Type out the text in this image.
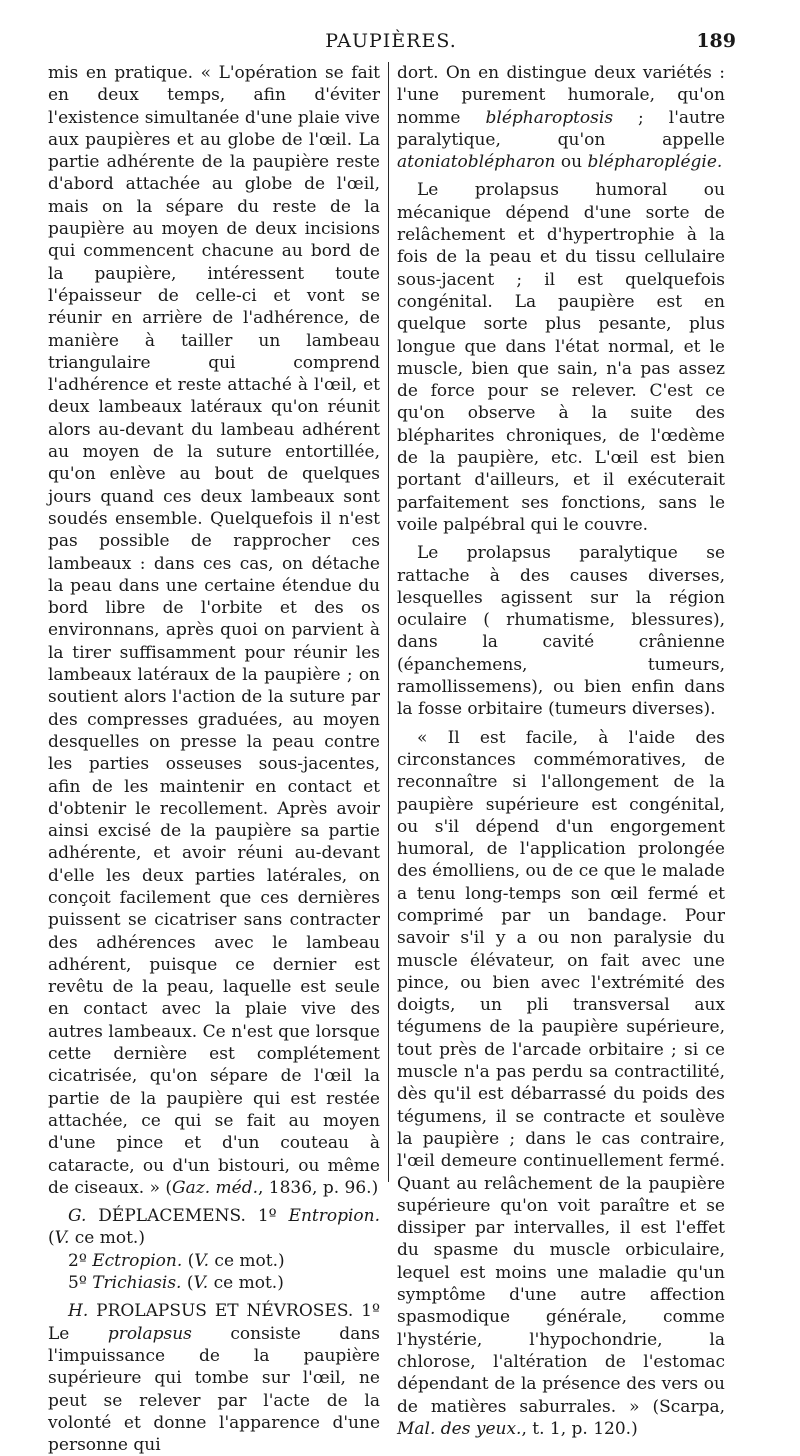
PAUPIÈRES.	189

mis en pratique. « L'opération se fait en deux temps, afin d'éviter l'existence simultanée d'une plaie vive aux paupières et au globe de l'œil. La partie adhérente de la paupière reste d'abord attachée au globe de l'œil, mais on la sépare du reste de la paupière au moyen de deux incisions qui commencent chacune au bord de la paupière, intéressent toute l'épaisseur de celle-ci et vont se réunir en arrière de l'adhérence, de manière à tailler un lambeau triangulaire qui comprend l'adhérence et reste attaché à l'œil, et deux lambeaux latéraux qu'on réunit alors au-devant du lambeau adhérent au moyen de la suture entortillée, qu'on enlève au bout de quelques jours quand ces deux lambeaux sont soudés ensemble. Quelquefois il n'est pas possible de rapprocher ces lambeaux : dans ces cas, on détache la peau dans une certaine étendue du bord libre de l'orbite et des os environnans, après quoi on parvient à la tirer suffisamment pour réunir les lambeaux latéraux de la paupière ; on soutient alors l'action de la suture par des compresses graduées, au moyen desquelles on presse la peau contre les parties osseuses sous-jacentes, afin de les maintenir en contact et d'obtenir le recollement. Après avoir ainsi excisé de la paupière sa partie adhérente, et avoir réuni au-devant d'elle les deux parties latérales, on conçoit facilement que ces dernières puissent se cicatriser sans contracter des adhérences avec le lambeau adhérent, puisque ce dernier est revêtu de la peau, laquelle est seule en contact avec la plaie vive des autres lambeaux. Ce n'est que lorsque cette dernière est complétement cicatrisée, qu'on sépare de l'œil la partie de la paupière qui est restée attachée, ce qui se fait au moyen d'une pince et d'un couteau à cataracte, ou d'un bistouri, ou même de ciseaux. » (Gaz. méd., 1836, p. 96.)

G. DÉPLACEMENS. 1º Entropion. (V. ce mot.)

2º Ectropion. (V. ce mot.)

5º Trichiasis. (V. ce mot.)

H. PROLAPSUS ET NÉVROSES. 1º Le prolapsus consiste dans l'impuissance de la paupière supérieure qui tombe sur l'œil, ne peut se relever par l'acte de la volonté et donne l'apparence d'une personne qui

dort. On en distingue deux variétés : l'une purement humorale, qu'on nomme blépharoptosis ; l'autre paralytique, qu'on appelle atoniatoblépharon ou blépharoplégie.

Le prolapsus humoral ou mécanique dépend d'une sorte de relâchement et d'hypertrophie à la fois de la peau et du tissu cellulaire sous-jacent ; il est quelquefois congénital. La paupière est en quelque sorte plus pesante, plus longue que dans l'état normal, et le muscle, bien que sain, n'a pas assez de force pour se relever. C'est ce qu'on observe à la suite des blépharites chroniques, de l'œdème de la paupière, etc. L'œil est bien portant d'ailleurs, et il exécuterait parfaitement ses fonctions, sans le voile palpébral qui le couvre.

Le prolapsus paralytique se rattache à des causes diverses, lesquelles agissent sur la région oculaire ( rhumatisme, blessures), dans la cavité crânienne (épanchemens, tumeurs, ramollissemens), ou bien enfin dans la fosse orbitaire (tumeurs diverses).

« Il est facile, à l'aide des circonstances commémoratives, de reconnaître si l'allongement de la paupière supérieure est congénital, ou s'il dépend d'un engorgement humoral, de l'application prolongée des émolliens, ou de ce que le malade a tenu long-temps son œil fermé et comprimé par un bandage. Pour savoir s'il y a ou non paralysie du muscle élévateur, on fait avec une pince, ou bien avec l'extrémité des doigts, un pli transversal aux tégumens de la paupière supérieure, tout près de l'arcade orbitaire ; si ce muscle n'a pas perdu sa contractilité, dès qu'il est débarrassé du poids des tégumens, il se contracte et soulève la paupière ; dans le cas contraire, l'œil demeure continuellement fermé. Quant au relâchement de la paupière supérieure qu'on voit paraître et se dissiper par intervalles, il est l'effet du spasme du muscle orbiculaire, lequel est moins une maladie qu'un symptôme d'une autre affection spasmodique générale, comme l'hystérie, l'hypochondrie, la chlorose, l'altération de l'estomac dépendant de la présence des vers ou de matières saburrales. » (Scarpa, Mal. des yeux., t. 1, p. 120.)
